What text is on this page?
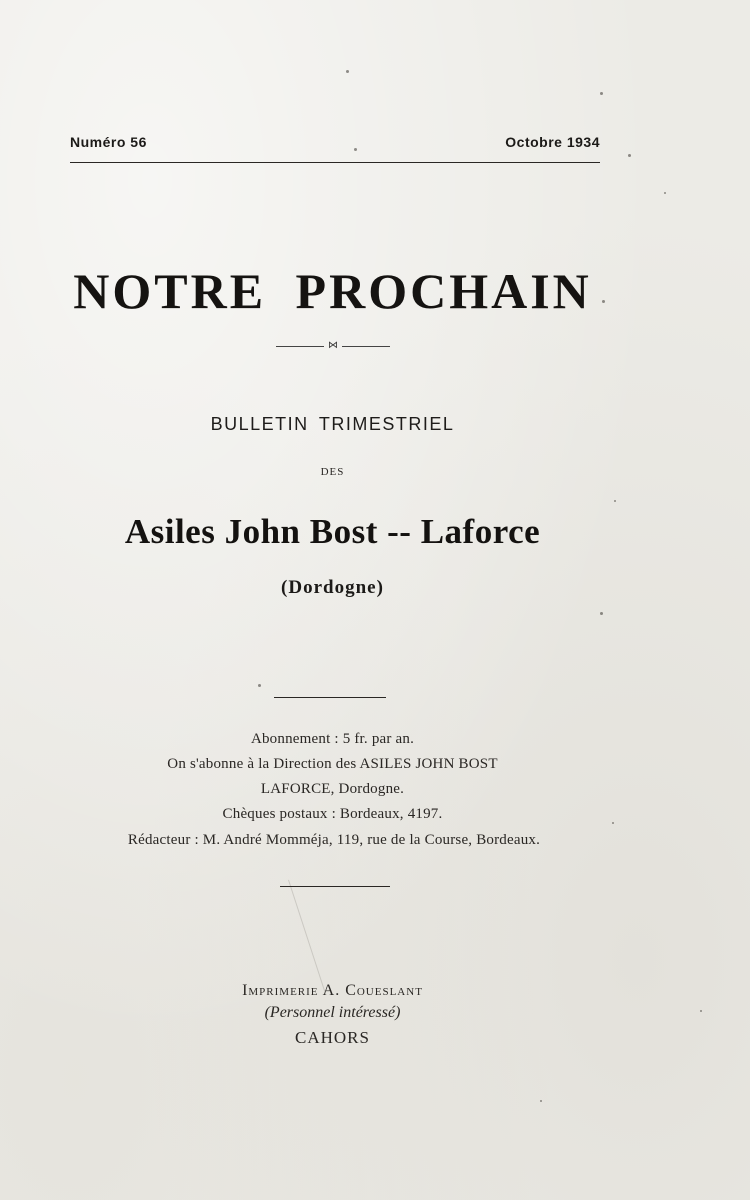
Numéro 56	Octobre 1934
NOTRE PROCHAIN
⋈
BULLETIN TRIMESTRIEL
DES
Asiles John Bost -- Laforce
(Dordogne)
Abonnement : 5 fr. par an.
On s'abonne à la Direction des ASILES JOHN BOST
LAFORCE, Dordogne.
Chèques postaux : Bordeaux, 4197.
Rédacteur : M. André Momméja, 119, rue de la Course, Bordeaux.
Imprimerie A. Coueslant
(Personnel intéressé)
CAHORS
